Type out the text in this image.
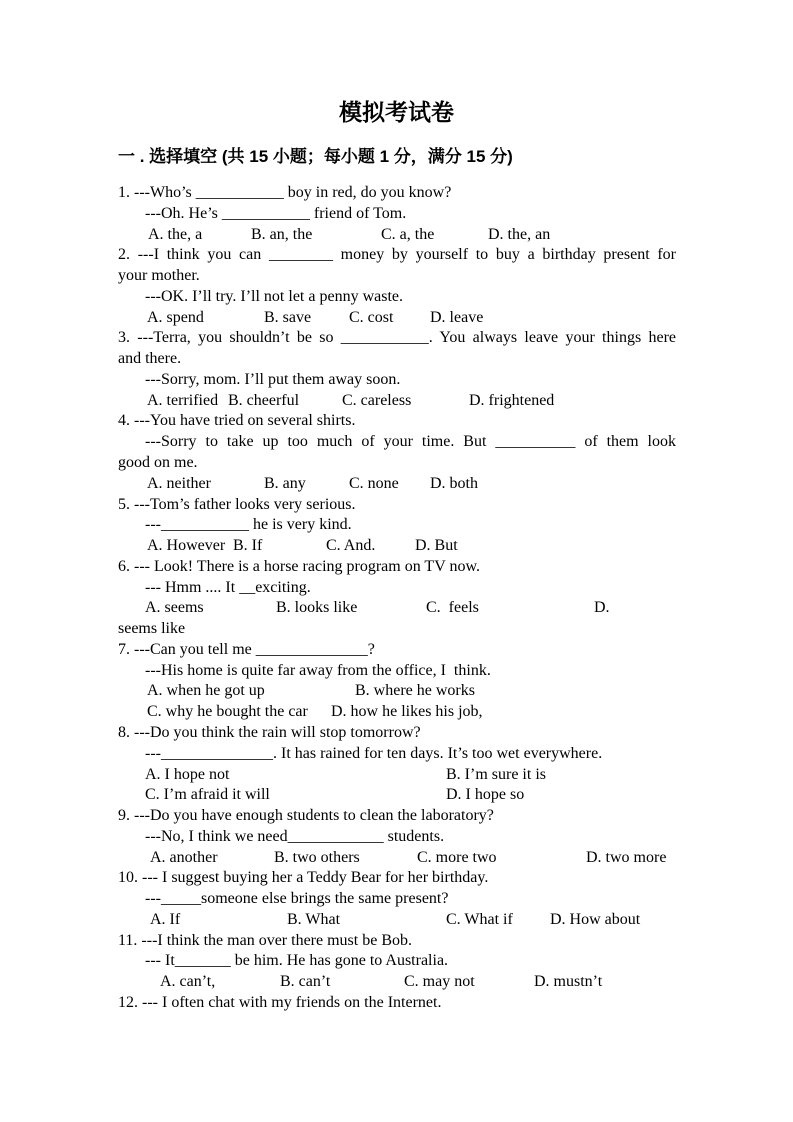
模拟考试卷
一 . 选择填空 (共 15 小题；每小题 1 分，满分 15 分)
1. ---Who’s ___________ boy in red, do you know?
---Oh. He’s ___________ friend of Tom.
A. the, a	B. an, the	C. a, the	D. the, an
2. ---I think you can ________ money by yourself to buy a birthday present for
your mother.
---OK. I’ll try. I’ll not let a penny waste.
A. spend	B. save C. cost D. leave
3. ---Terra, you shouldn’t be so ___________. You always leave your things here
and there.
---Sorry, mom. I’ll put them away soon.
A. terrified B. cheerful	C. careless	D. frightened
4. ---You have tried on several shirts.
---Sorry to take up too much of your time. But __________ of them look
good on me.
A. neither	B. any	C. none D. both
5. ---Tom’s father looks very serious.
---___________ he is very kind.
A. However B. If	C. And. D. But
6. --- Look! There is a horse racing program on TV now.
--- Hmm .... It __exciting.
A. seems	B. looks like	C.  feels	D.
seems like
7. ---Can you tell me ______________?
---His home is quite far away from the office, I  think.
A. when he got up	B. where he works
C. why he bought the car D. how he likes his job,
8. ---Do you think the rain will stop tomorrow?
---______________. It has rained for ten days. It’s too wet everywhere.
A. I hope not	B. I’m sure it is
C. I’m afraid it will	D. I hope so
9. ---Do you have enough students to clean the laboratory?
---No, I think we need____________ students.
A. another	B. two others	C. more two	D. two more
10. --- I suggest buying her a Teddy Bear for her birthday.
---_____someone else brings the same present?
A. If	B. What	C. What if D. How about
11. ---I think the man over there must be Bob.
--- It_______ be him. He has gone to Australia.
A. can’t,	B. can’t	C. may not	D. mustn’t
12. --- I often chat with my friends on the Internet.
